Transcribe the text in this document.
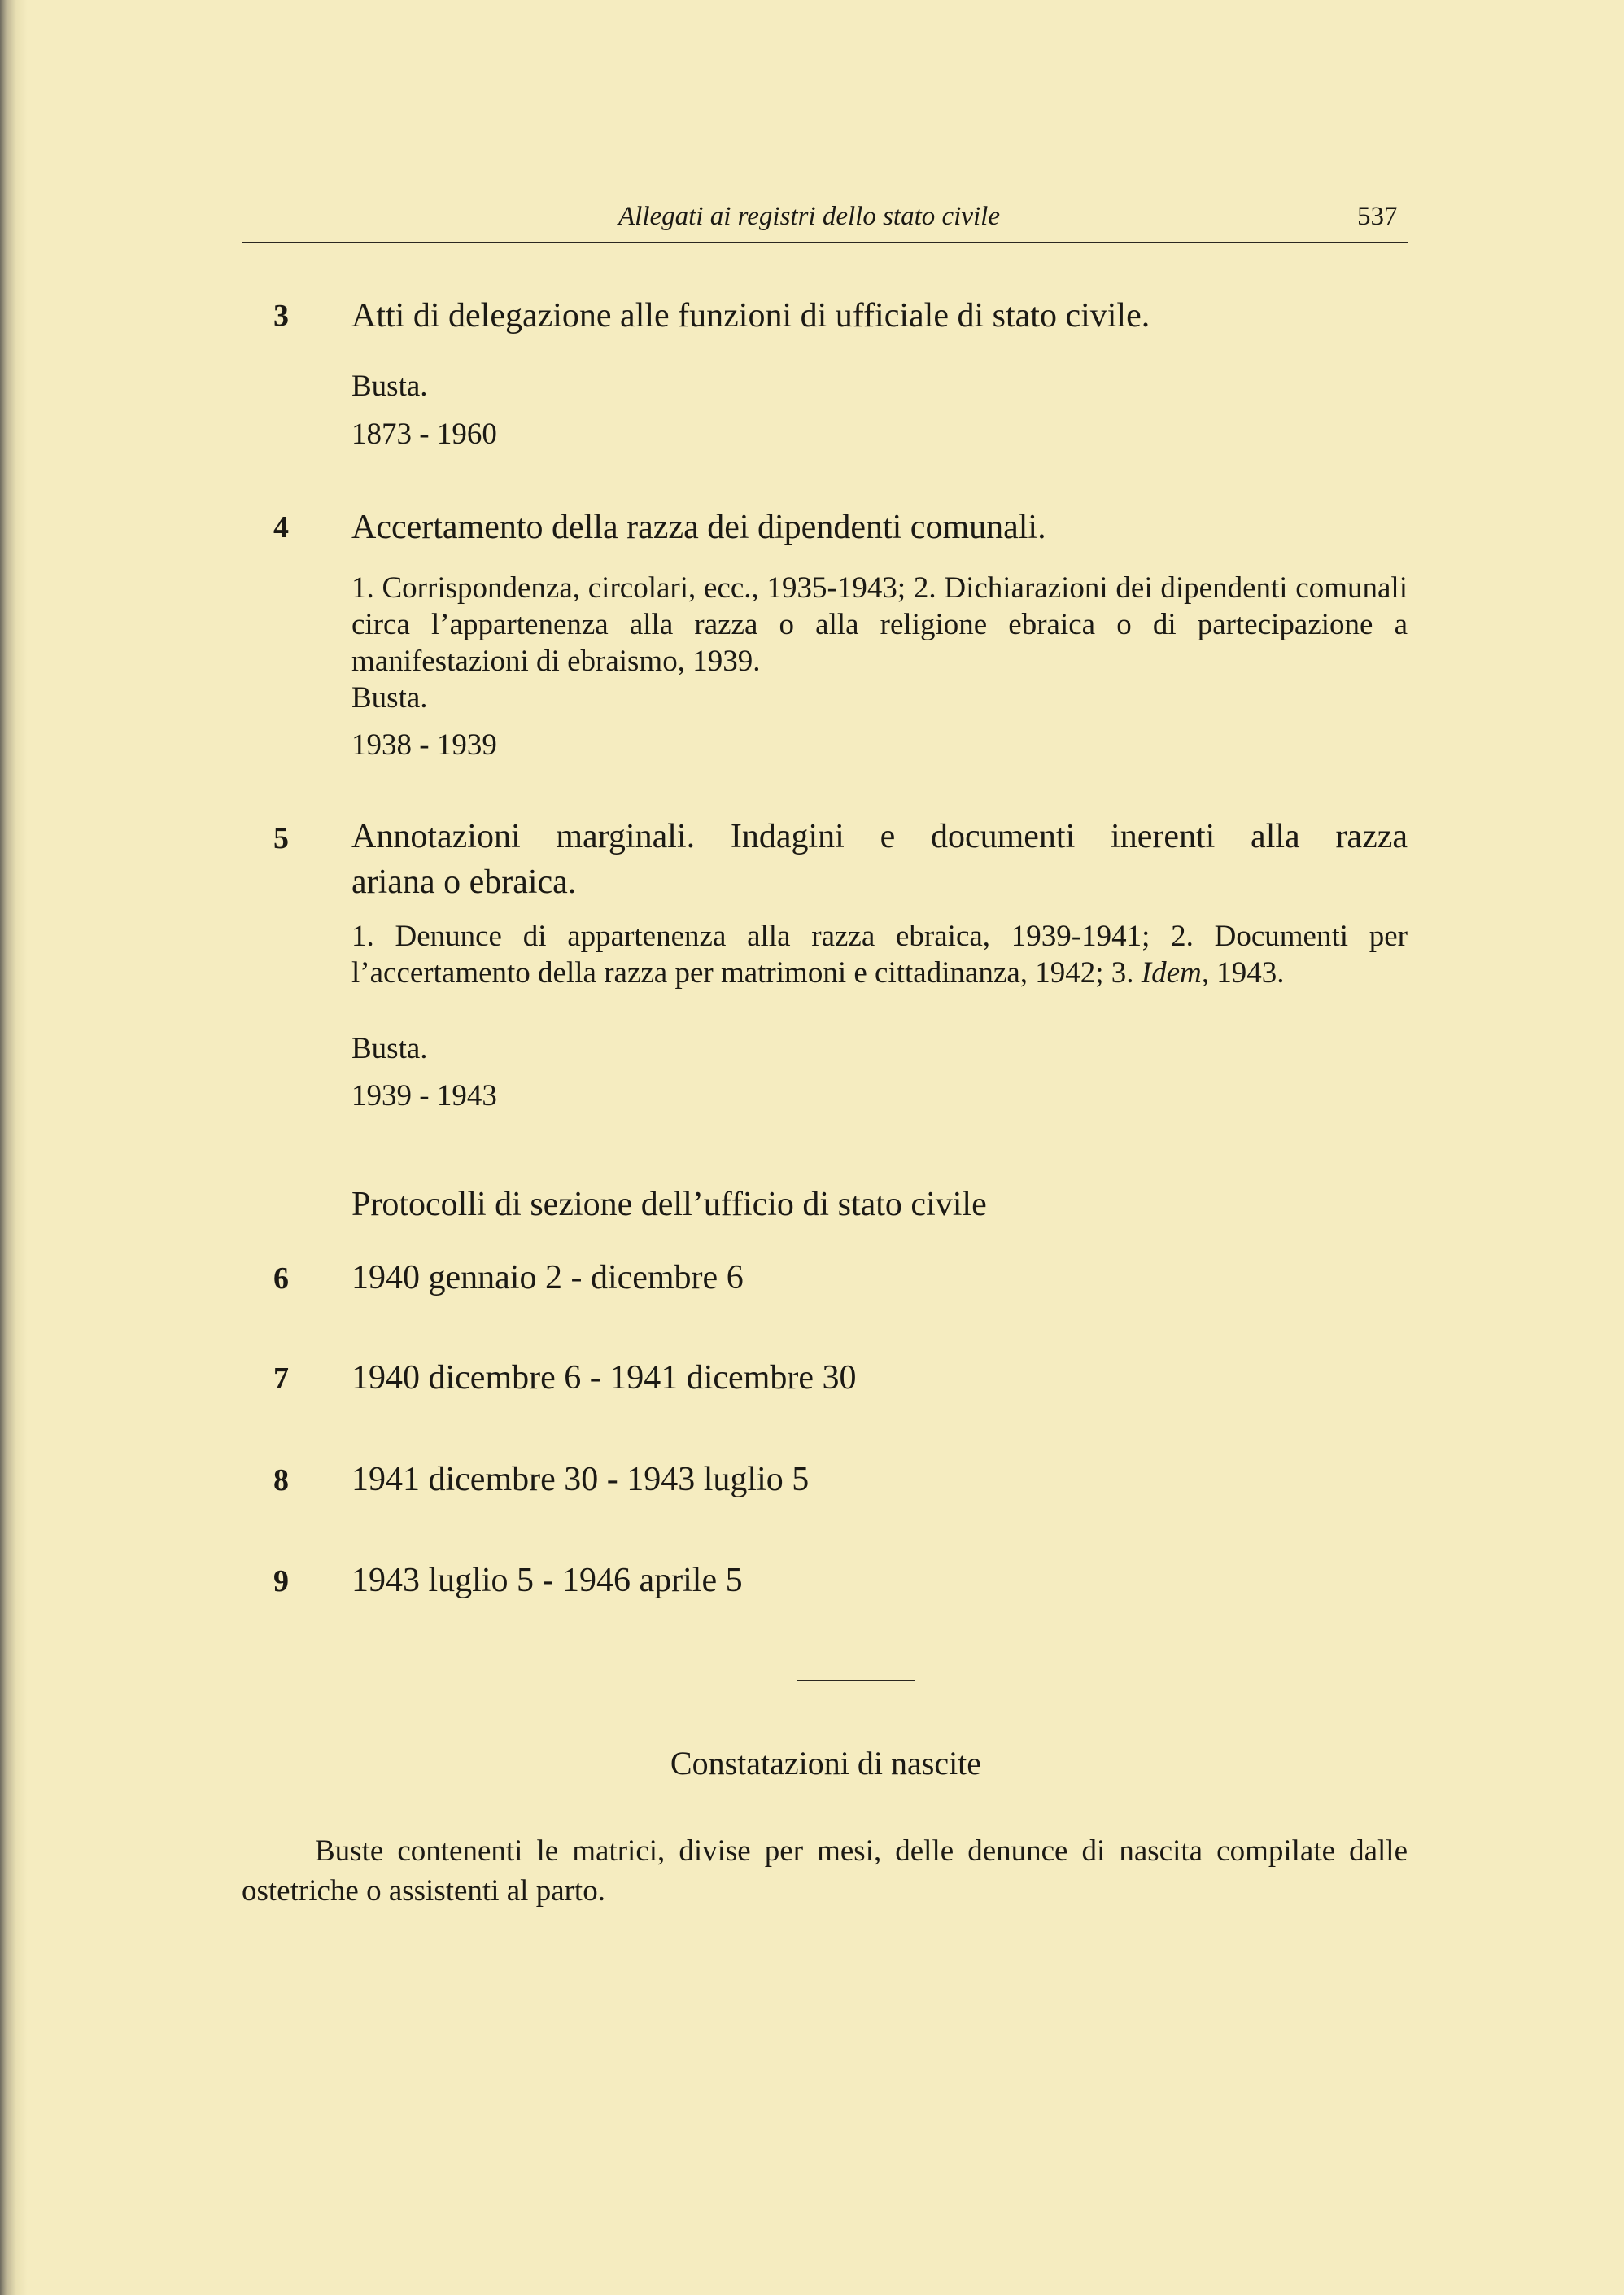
Allegati ai registri dello stato civile	537
3 Atti di delegazione alle funzioni di ufficiale di stato civile.
Busta.
1873 - 1960
4 Accertamento della razza dei dipendenti comunali.
1. Corrispondenza, circolari, ecc., 1935-1943; 2. Dichiarazioni dei dipendenti comunali circa l’appartenenza alla razza o alla religione ebraica o di partecipazione a manifestazioni di ebraismo, 1939.
Busta.
1938 - 1939
5 Annotazioni marginali. Indagini e documenti inerenti alla razza
ariana o ebraica.
1. Denunce di appartenenza alla razza ebraica, 1939-1941; 2. Documenti per l’accertamento della razza per matrimoni e cittadinanza, 1942; 3. Idem, 1943.
Busta.
1939 - 1943
Protocolli di sezione dell’ufficio di stato civile
6 1940 gennaio 2 - dicembre 6
7 1940 dicembre 6 - 1941 dicembre 30
8 1941 dicembre 30 - 1943 luglio 5
9 1943 luglio 5 - 1946 aprile 5
Constatazioni di nascite
Buste contenenti le matrici, divise per mesi, delle denunce di nascita compilate dalle ostetriche o assistenti al parto.
